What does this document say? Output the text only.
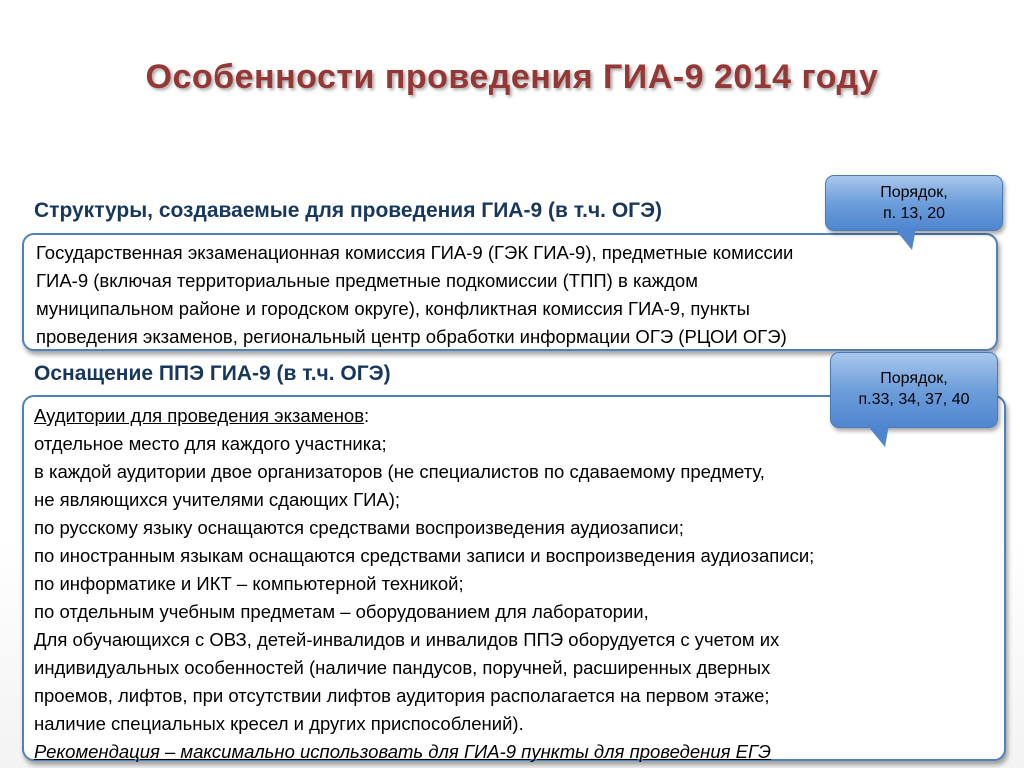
Особенности проведения ГИА-9 2014 году
Структуры, создаваемые для проведения ГИА-9 (в т.ч. ОГЭ)
Государственная экзаменационная комиссия ГИА-9 (ГЭК ГИА-9), предметные комиссии
ГИА-9 (включая территориальные предметные подкомиссии (ТПП) в каждом
муниципальном районе и городском округе), конфликтная комиссия ГИА-9, пункты
проведения экзаменов, региональный центр обработки информации ОГЭ (РЦОИ ОГЭ)
Порядок,
п. 13, 20
Оснащение ППЭ ГИА-9 (в т.ч. ОГЭ)
Аудитории для проведения экзаменов:
отдельное место для каждого участника;
в каждой аудитории двое организаторов (не специалистов по сдаваемому предмету,
не являющихся учителями сдающих ГИА);
по русскому языку оснащаются средствами воспроизведения аудиозаписи;
по иностранным языкам оснащаются средствами записи и воспроизведения аудиозаписи;
по информатике и ИКТ – компьютерной техникой;
по отдельным учебным предметам – оборудованием для лаборатории,
Для обучающихся с ОВЗ, детей-инвалидов и инвалидов ППЭ оборудуется с учетом их
индивидуальных особенностей (наличие пандусов, поручней, расширенных дверных
проемов, лифтов, при отсутствии лифтов аудитория располагается на первом этаже;
наличие специальных кресел и других приспособлений).
Рекомендация – максимально использовать для ГИА-9 пункты для проведения ЕГЭ
Порядок,
п.33, 34, 37, 40
